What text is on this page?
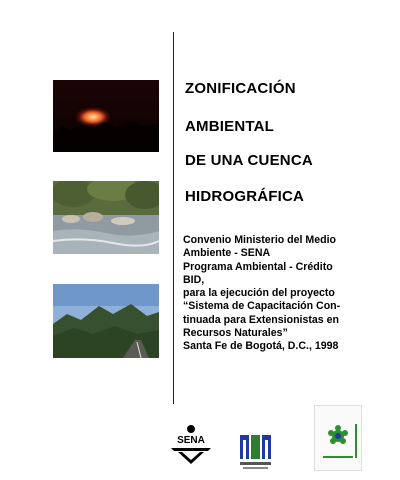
ZONIFICACIÓN
AMBIENTAL
DE UNA CUENCA
HIDROGRÁFICA
Convenio Ministerio del Medio
Ambiente - SENA
Programa Ambiental - Crédito
BID,
para la ejecución del proyecto
“Sistema de Capacitación Con-
tinuada para Extensionistas en
Recursos Naturales”
Santa Fe de Bogotá, D.C., 1998
SENA
